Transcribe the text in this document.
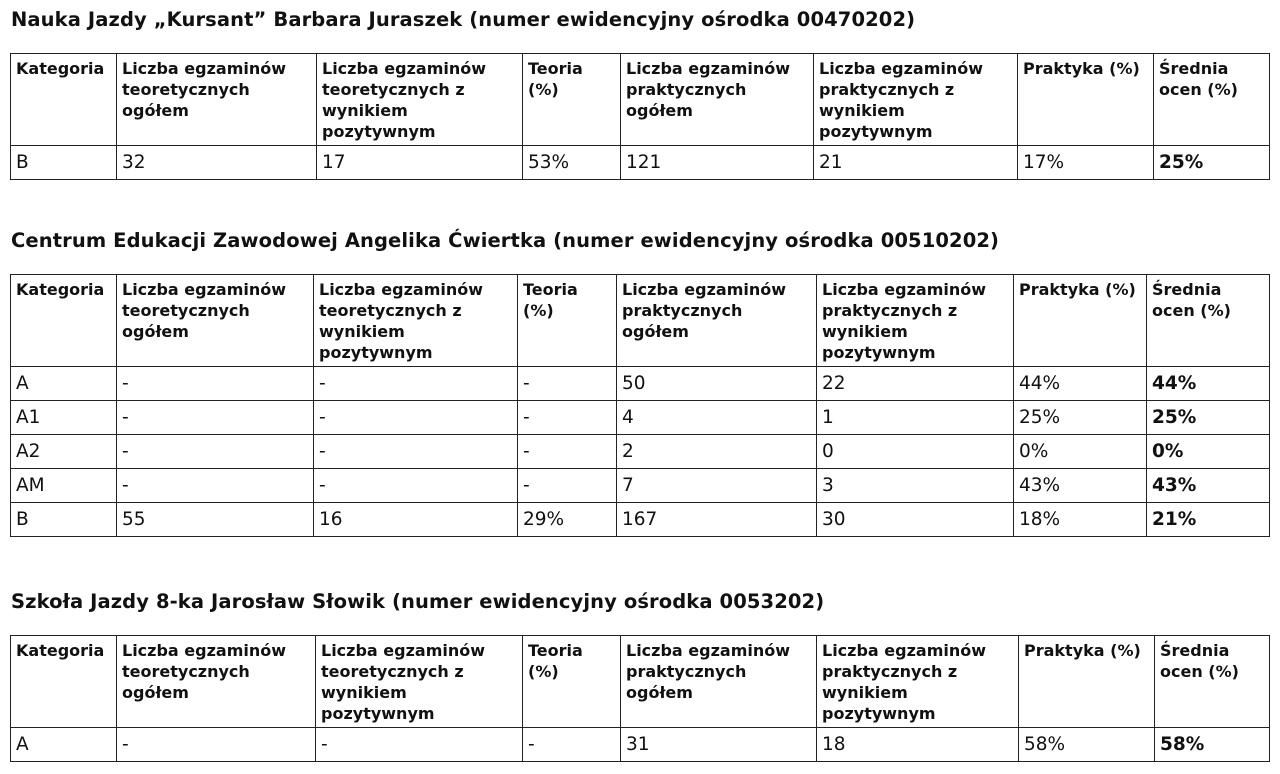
Nauka Jazdy „Kursant” Barbara Juraszek (numer ewidencyjny ośrodka 00470202)
Kategoria	Liczba egzaminów teoretycznych ogółem	Liczba egzaminów teoretycznych z wynikiem pozytywnym	Teoria (%)	Liczba egzaminów praktycznych ogółem	Liczba egzaminów praktycznych z wynikiem pozytywnym	Praktyka (%)	Średnia ocen (%)
B	32	17	53%	121	21	17%	25%
Centrum Edukacji Zawodowej Angelika Ćwiertka (numer ewidencyjny ośrodka 00510202)
Kategoria	Liczba egzaminów teoretycznych ogółem	Liczba egzaminów teoretycznych z wynikiem pozytywnym	Teoria (%)	Liczba egzaminów praktycznych ogółem	Liczba egzaminów praktycznych z wynikiem pozytywnym	Praktyka (%)	Średnia ocen (%)
A	-	-	-	50	22	44%	44%
A1	-	-	-	4	1	25%	25%
A2	-	-	-	2	0	0%	0%
AM	-	-	-	7	3	43%	43%
B	55	16	29%	167	30	18%	21%
Szkoła Jazdy 8-ka Jarosław Słowik (numer ewidencyjny ośrodka 0053202)
Kategoria	Liczba egzaminów teoretycznych ogółem	Liczba egzaminów teoretycznych z wynikiem pozytywnym	Teoria (%)	Liczba egzaminów praktycznych ogółem	Liczba egzaminów praktycznych z wynikiem pozytywnym	Praktyka (%)	Średnia ocen (%)
A	-	-	-	31	18	58%	58%
